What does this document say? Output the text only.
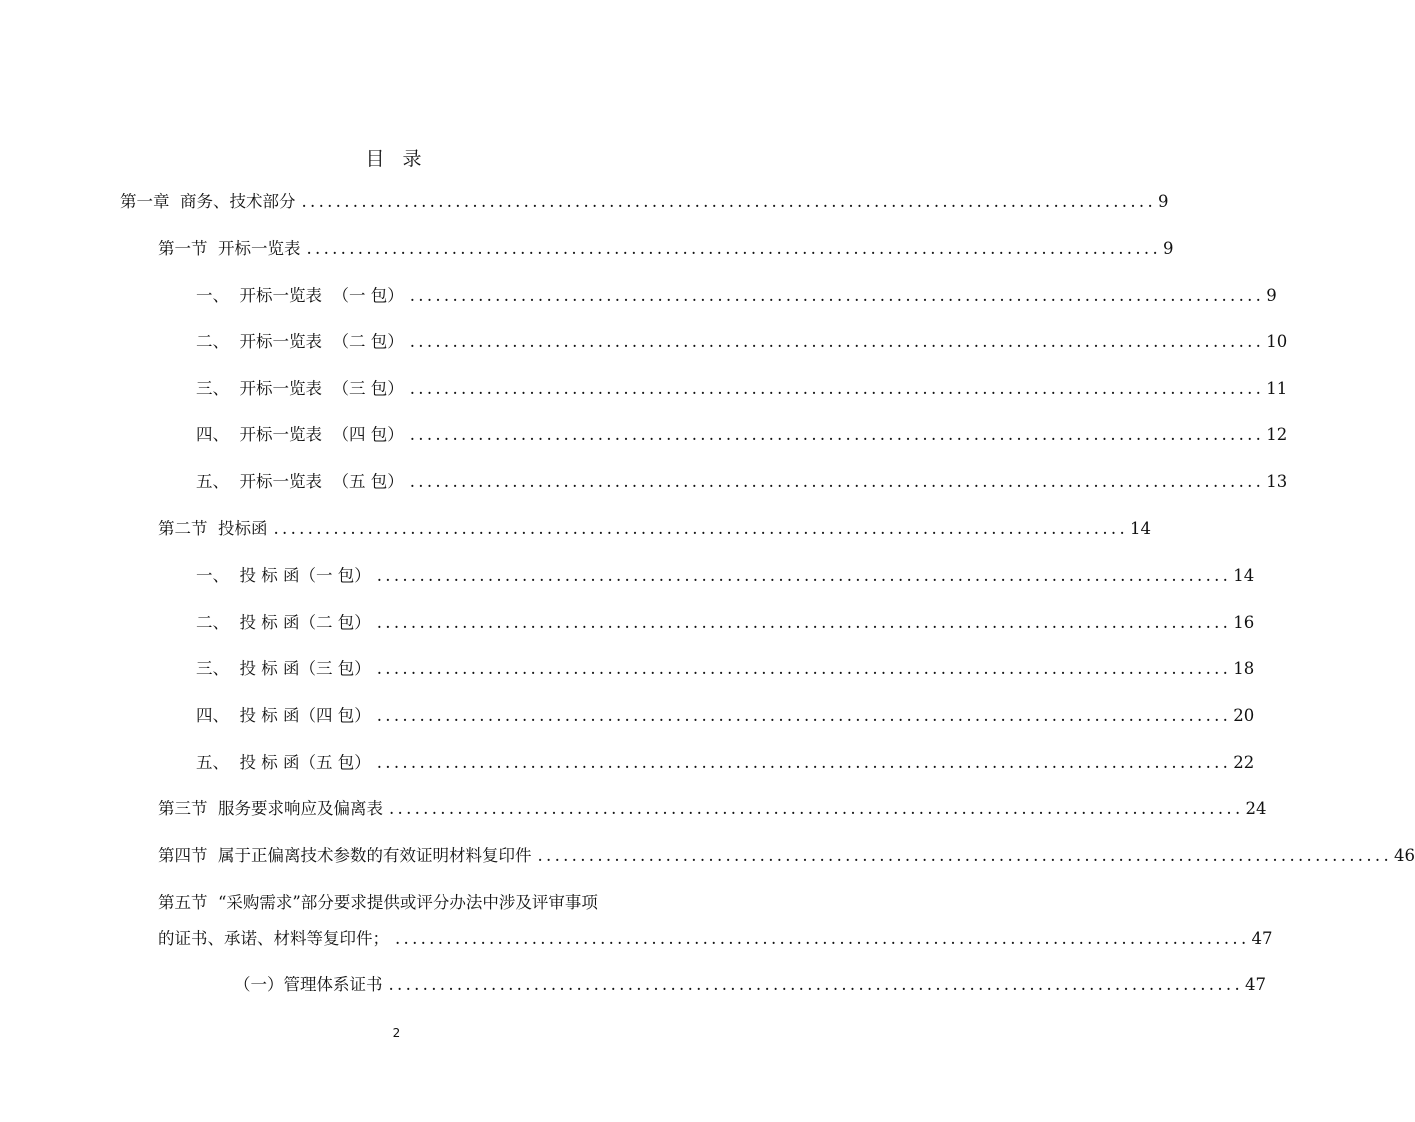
目 录
第一章  商务、技术部分 .................................................................................................... 9
第一节  开标一览表 .................................................................................................... 9
一、  开标一览表  （一 包） .................................................................................................... 9
二、  开标一览表  （二 包） .................................................................................................... 10
三、  开标一览表  （三 包） .................................................................................................... 11
四、  开标一览表  （四 包） .................................................................................................... 12
五、  开标一览表  （五 包） .................................................................................................... 13
第二节  投标函 .................................................................................................... 14
一、  投 标 函（一 包） .................................................................................................... 14
二、  投 标 函（二 包） .................................................................................................... 16
三、  投 标 函（三 包） .................................................................................................... 18
四、  投 标 函（四 包） .................................................................................................... 20
五、  投 标 函（五 包） .................................................................................................... 22
第三节  服务要求响应及偏离表 .................................................................................................... 24
第四节  属于正偏离技术参数的有效证明材料复印件 .................................................................................................... 46
第五节  “采购需求”部分要求提供或评分办法中涉及评审事项
的证书、承诺、材料等复印件； .................................................................................................... 47
（一）管理体系证书 .................................................................................................... 47
2
